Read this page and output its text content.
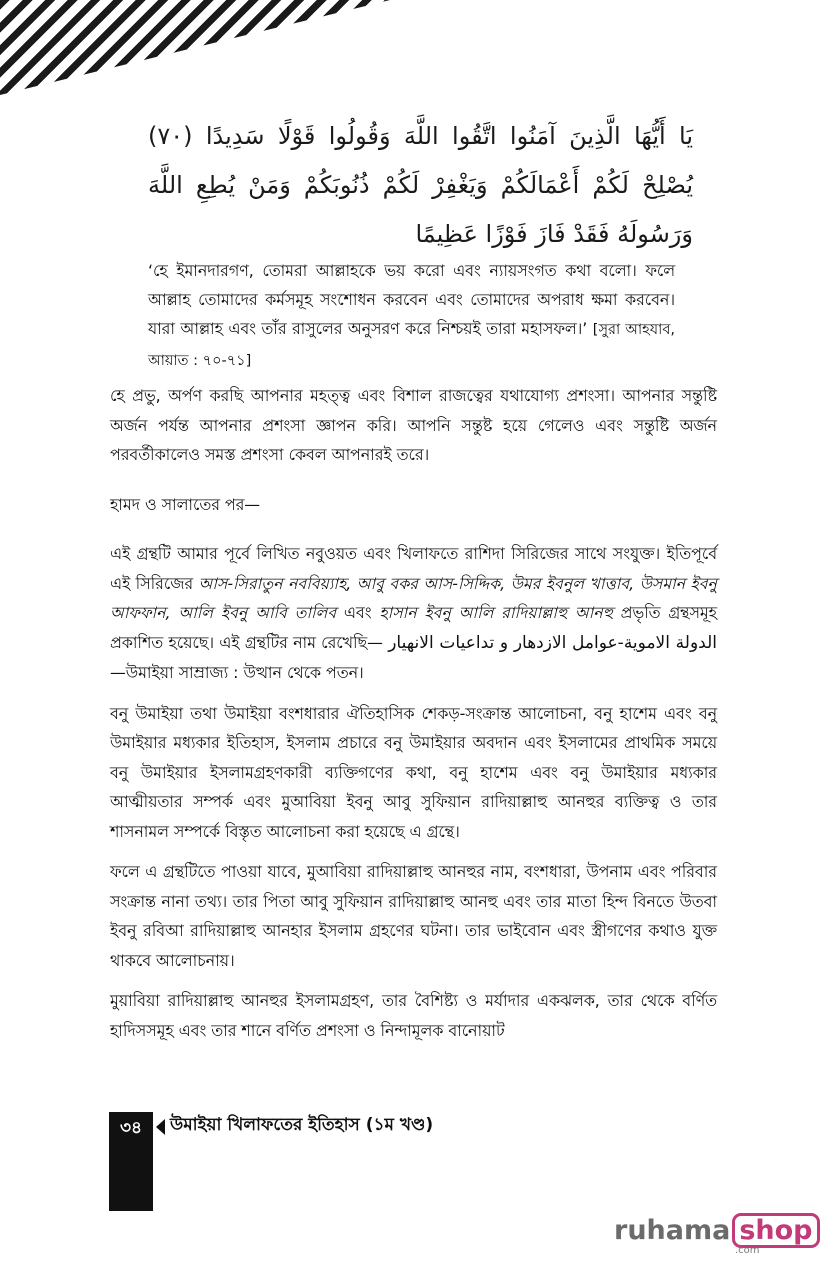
يَا أَيُّهَا الَّذِينَ آمَنُوا اتَّقُوا اللَّهَ وَقُولُوا قَوْلًا سَدِيدًا (٧٠) يُصْلِحْ لَكُمْ أَعْمَالَكُمْ وَيَغْفِرْ لَكُمْ ذُنُوبَكُمْ وَمَنْ يُطِعِ اللَّهَ وَرَسُولَهُ فَقَدْ فَازَ فَوْزًا عَظِيمًا
‘হে ইমানদারগণ, তোমরা আল্লাহকে ভয় করো এবং ন্যায়সংগত কথা বলো। ফলে আল্লাহ তোমাদের কর্মসমূহ সংশোধন করবেন এবং তোমাদের অপরাধ ক্ষমা করবেন। যারা আল্লাহ এবং তাঁর রাসুলের অনুসরণ করে নিশ্চয়ই তারা মহাসফল।’ [সুরা আহযাব, আয়াত : ৭০-৭১]

হে প্রভু, অর্পণ করছি আপনার মহত্ত্ব এবং বিশাল রাজত্বের যথাযোগ্য প্রশংসা। আপনার সন্তুষ্টি অর্জন পর্যন্ত আপনার প্রশংসা জ্ঞাপন করি। আপনি সন্তুষ্ট হয়ে গেলেও এবং সন্তুষ্টি অর্জন পরবর্তীকালেও সমস্ত প্রশংসা কেবল আপনারই তরে।

হামদ ও সালাতের পর—

এই গ্রন্থটি আমার পূর্বে লিখিত নবুওয়ত এবং খিলাফতে রাশিদা সিরিজের সাথে সংযুক্ত। ইতিপূর্বে এই সিরিজের আস-সিরাতুন নববিয়্যাহ, আবু বকর আস-সিদ্দিক, উমর ইবনুল খাত্তাব, উসমান ইবনু আফফান, আলি ইবনু আবি তালিব এবং হাসান ইবনু আলি রাদিয়াল্লাহু আনহু প্রভৃতি গ্রন্থসমূহ প্রকাশিত হয়েছে। এই গ্রন্থটির নাম রেখেছি— الدولة الاموية-عوامل الازدهار و تداعيات الانهيار—উমাইয়া সাম্রাজ্য : উত্থান থেকে পতন।

বনু উমাইয়া তথা উমাইয়া বংশধারার ঐতিহাসিক শেকড়-সংক্রান্ত আলোচনা, বনু হাশেম এবং বনু উমাইয়ার মধ্যকার ইতিহাস, ইসলাম প্রচারে বনু উমাইয়ার অবদান এবং ইসলামের প্রাথমিক সময়ে বনু উমাইয়ার ইসলামগ্রহণকারী ব্যক্তিগণের কথা, বনু হাশেম এবং বনু উমাইয়ার মধ্যকার আত্মীয়তার সম্পর্ক এবং মুআবিয়া ইবনু আবু সুফিয়ান রাদিয়াল্লাহু আনহুর ব্যক্তিত্ব ও তার শাসনামল সম্পর্কে বিস্তৃত আলোচনা করা হয়েছে এ গ্রন্থে।

ফলে এ গ্রন্থটিতে পাওয়া যাবে, মুআবিয়া রাদিয়াল্লাহু আনহুর নাম, বংশধারা, উপনাম এবং পরিবার সংক্রান্ত নানা তথ্য। তার পিতা আবু সুফিয়ান রাদিয়াল্লাহু আনহু এবং তার মাতা হিন্দ বিনতে উতবা ইবনু রবিআ রাদিয়াল্লাহু আনহার ইসলাম গ্রহণের ঘটনা। তার ভাইবোন এবং স্ত্রীগণের কথাও যুক্ত থাকবে আলোচনায়।

মুয়াবিয়া রাদিয়াল্লাহু আনহুর ইসলামগ্রহণ, তার বৈশিষ্ট্য ও মর্যাদার একঝলক, তার থেকে বর্ণিত হাদিসসমূহ এবং তার শানে বর্ণিত প্রশংসা ও নিন্দামূলক বানোয়াট

৩৪	উমাইয়া খিলাফতের ইতিহাস (১ম খণ্ড)
ruhama shop
.com
